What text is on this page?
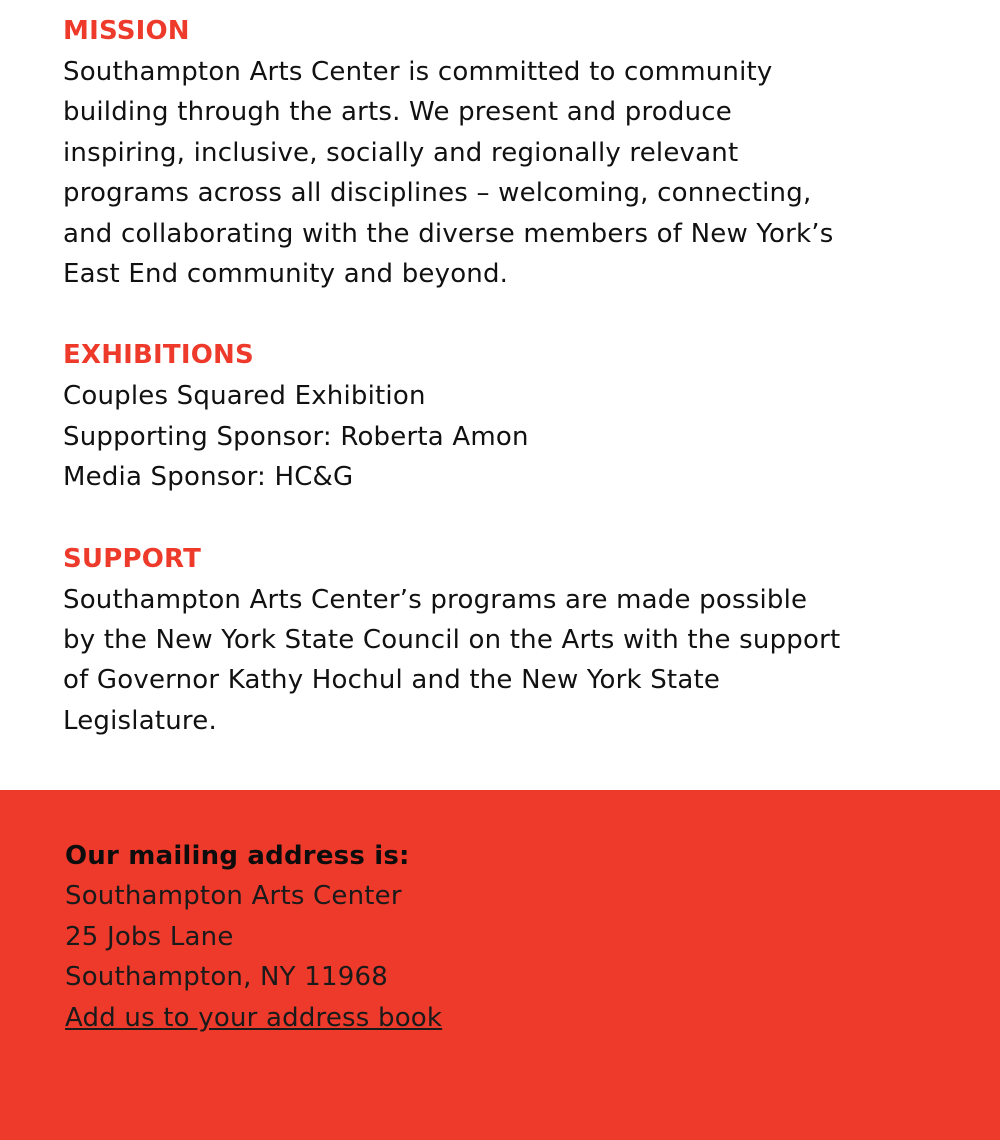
MISSION

Southampton Arts Center is committed to community
building through the arts. We present and produce
inspiring, inclusive, socially and regionally relevant
programs across all disciplines – welcoming, connecting,
and collaborating with the diverse members of New York’s
East End community and beyond.

EXHIBITIONS

Couples Squared Exhibition
Supporting Sponsor: Roberta Amon
Media Sponsor: HC&G

SUPPORT

Southampton Arts Center’s programs are made possible
by the New York State Council on the Arts with the support
of Governor Kathy Hochul and the New York State
Legislature.

Our mailing address is:

Southampton Arts Center
25 Jobs Lane
Southampton, NY 11968
Add us to your address book
